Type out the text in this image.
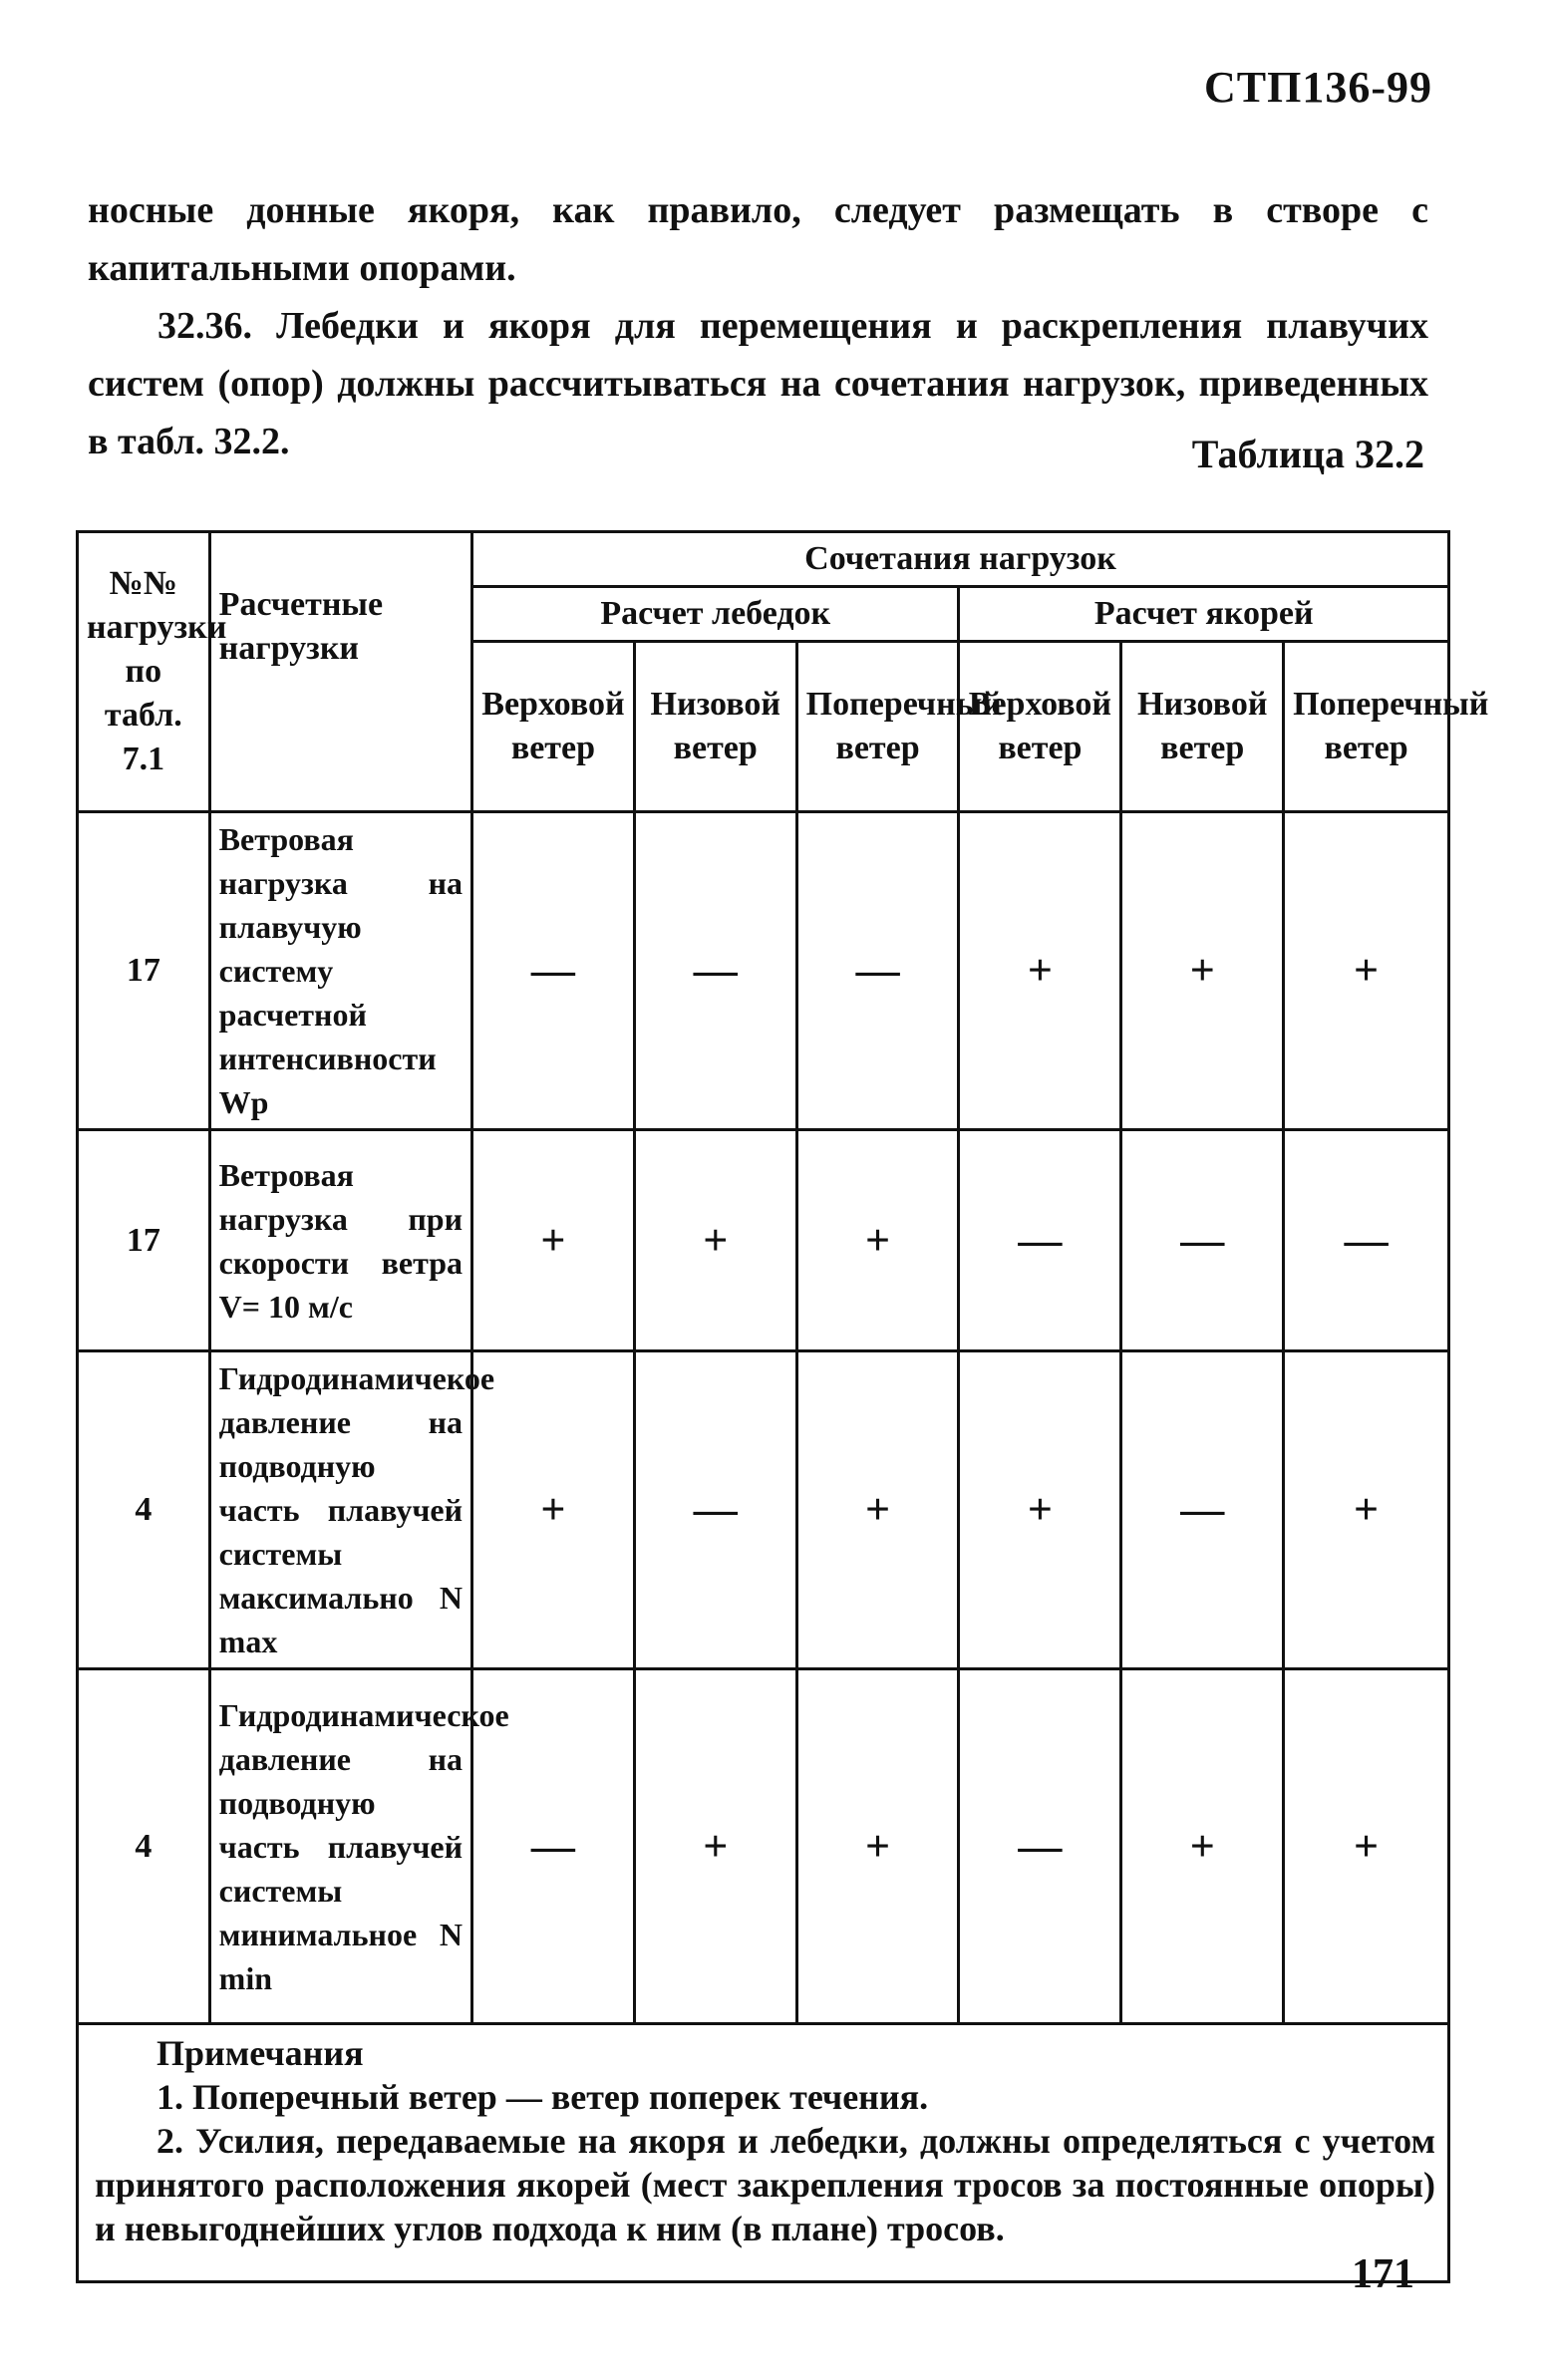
СТП136-99

носные донные якоря, как правило, следует размещать в створе с капитальными опорами.

32.36. Лебедки и якоря для перемещения и раскрепления плавучих систем (опор) должны рассчитываться на сочетания нагрузок, приведенных в табл. 32.2.	Таблица 32.2
№№ нагрузки по табл. 7.1	Расчетные нагрузки	Сочетания нагрузок					
		Расчет лебедок			Расчет якорей		
		Верховой ветер	Низовой ветер	Поперечный ветер	Верховой ветер	Низовой ветер	Поперечный ветер
17	Ветровая нагрузка на плавучую систему расчетной интенсивности Wp	—	—	—	+	+	+
17	Ветровая нагрузка при скорости ветра V= 10 м/с	+	+	+	—	—	—
4	Гидродинамичекое давление на подводную часть плавучей системы максимально N max	+	—	+	+	—	+
4	Гидродинамическое давление на подводную часть плавучей системы минимальное N min	—	+	+	—	+	+

Примечания

1. Поперечный ветер — ветер поперек течения.

2. Усилия, передаваемые на якоря и лебедки, должны определяться с учетом принятого расположения якорей (мест закрепления тросов за постоянные опоры) и невыгоднейших углов подхода к ним (в плане) тросов.							

171
